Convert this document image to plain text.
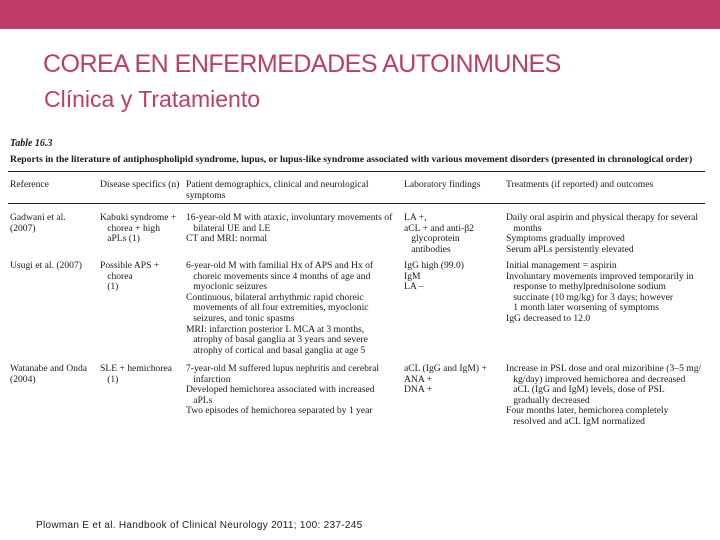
COREA EN ENFERMEDADES AUTOINMUNES
Clínica y Tratamiento
Table 16.3
Reports in the literature of antiphospholipid syndrome, lupus, or lupus-like syndrome associated with various movement disorders (presented in chronological order)
Reference	Disease specifics (n) Patient demographics, clinical and neurological
symptoms
Laboratory findings	Treatments (if reported) and outcomes
Gadwani et al.
(2007)
Kabuki syndrome +
chorea + high
aPLs (1)
16-year-old M with ataxic, involuntary movements of
bilateral UE and LE
CT and MRI: normal
LA +,
aCL + and anti-β2
glycoprotein
antibodies
Daily oral aspirin and physical therapy for several
months
Symptoms gradually improved
Serum aPLs persistently elevated
Usugi et al. (2007) Possible APS +
chorea
(1)
6-year-old M with familial Hx of APS and Hx of
choreic movements since 4 months of age and
myoclonic seizures
Continuous, bilateral arrhythmic rapid choreic
movements of all four extremities, myoclonic
seizures, and tonic spasms
MRI: infarction posterior L MCA at 3 months,
atrophy of basal ganglia at 3 years and severe
atrophy of cortical and basal ganglia at age 5
IgG high (99.0)
IgM
LA –
Initial management = aspirin
Involuntary movements improved temporarily in
response to methylprednisolone sodium
succinate (10 mg/kg) for 3 days; however
1 month later worsening of symptoms
IgG decreased to 12.0
Watanabe and Onda
(2004)
SLE + hemichorea
(1)
7-year-old M suffered lupus nephritis and cerebral
infarction
Developed hemichorea associated with increased
aPLs
Two episodes of hemichorea separated by 1 year
aCL (IgG and IgM) +
ANA +
DNA +
Increase in PSL dose and oral mizoribine (3–5 mg/
kg/day) improved hemichorea and decreased
aCL (IgG and IgM) levels, dose of PSL
gradually decreased
Four months later, hemichorea completely
resolved and aCL IgM normalized
Plowman E et al. Handbook of Clinical Neurology 2011; 100: 237-245
